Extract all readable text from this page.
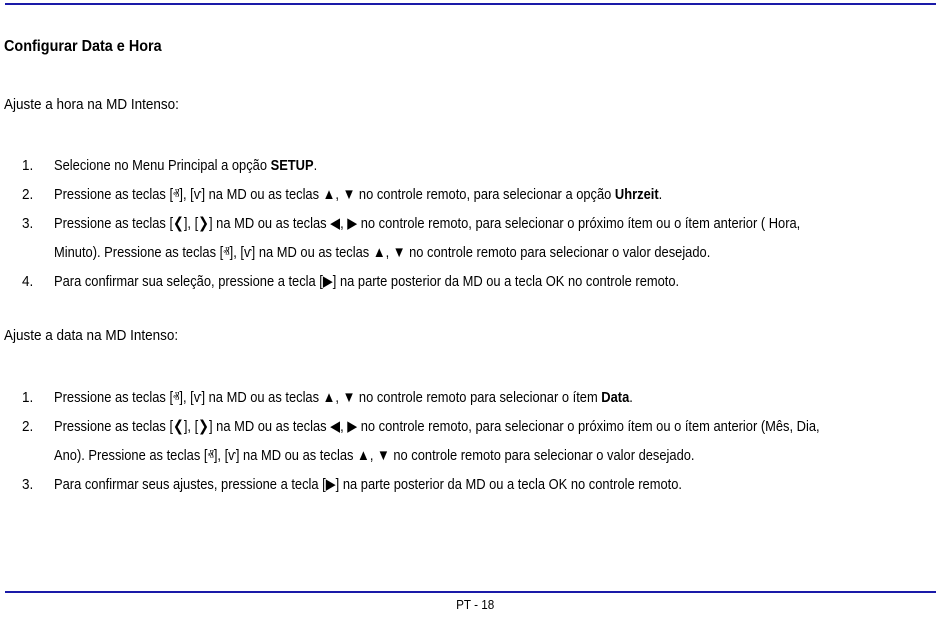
Configurar Data e Hora
Ajuste a hora na MD Intenso:
1.	Selecione no Menu Principal a opção SETUP.
2.	Pressione as teclas [ⱏ], [ⱱ] na MD ou as teclas ▲, ▼ no controle remoto, para selecionar a opção Uhrzeit.
3.	Pressione as teclas [❮], [❯] na MD ou as teclas ◀, ▶ no controle remoto, para selecionar o próximo ítem ou o ítem anterior ( Hora,
Minuto). Pressione as teclas [ⱏ], [ⱱ] na MD ou as teclas ▲, ▼ no controle remoto para selecionar o valor desejado.
4.	Para confirmar sua seleção, pressione a tecla [▶] na parte posterior da MD ou a tecla OK no controle remoto.
Ajuste a data na MD Intenso:
1.	Pressione as teclas [ⱏ], [ⱱ] na MD ou as teclas ▲, ▼ no controle remoto para selecionar o ítem Data.
2.	Pressione as teclas [❮], [❯] na MD ou as teclas ◀, ▶ no controle remoto, para selecionar o próximo ítem ou o ítem anterior (Mês, Dia,
Ano). Pressione as teclas [ⱏ], [ⱱ] na MD ou as teclas ▲, ▼ no controle remoto para selecionar o valor desejado.
3.	Para confirmar seus ajustes, pressione a tecla [▶] na parte posterior da MD ou a tecla OK no controle remoto.
PT - 18
